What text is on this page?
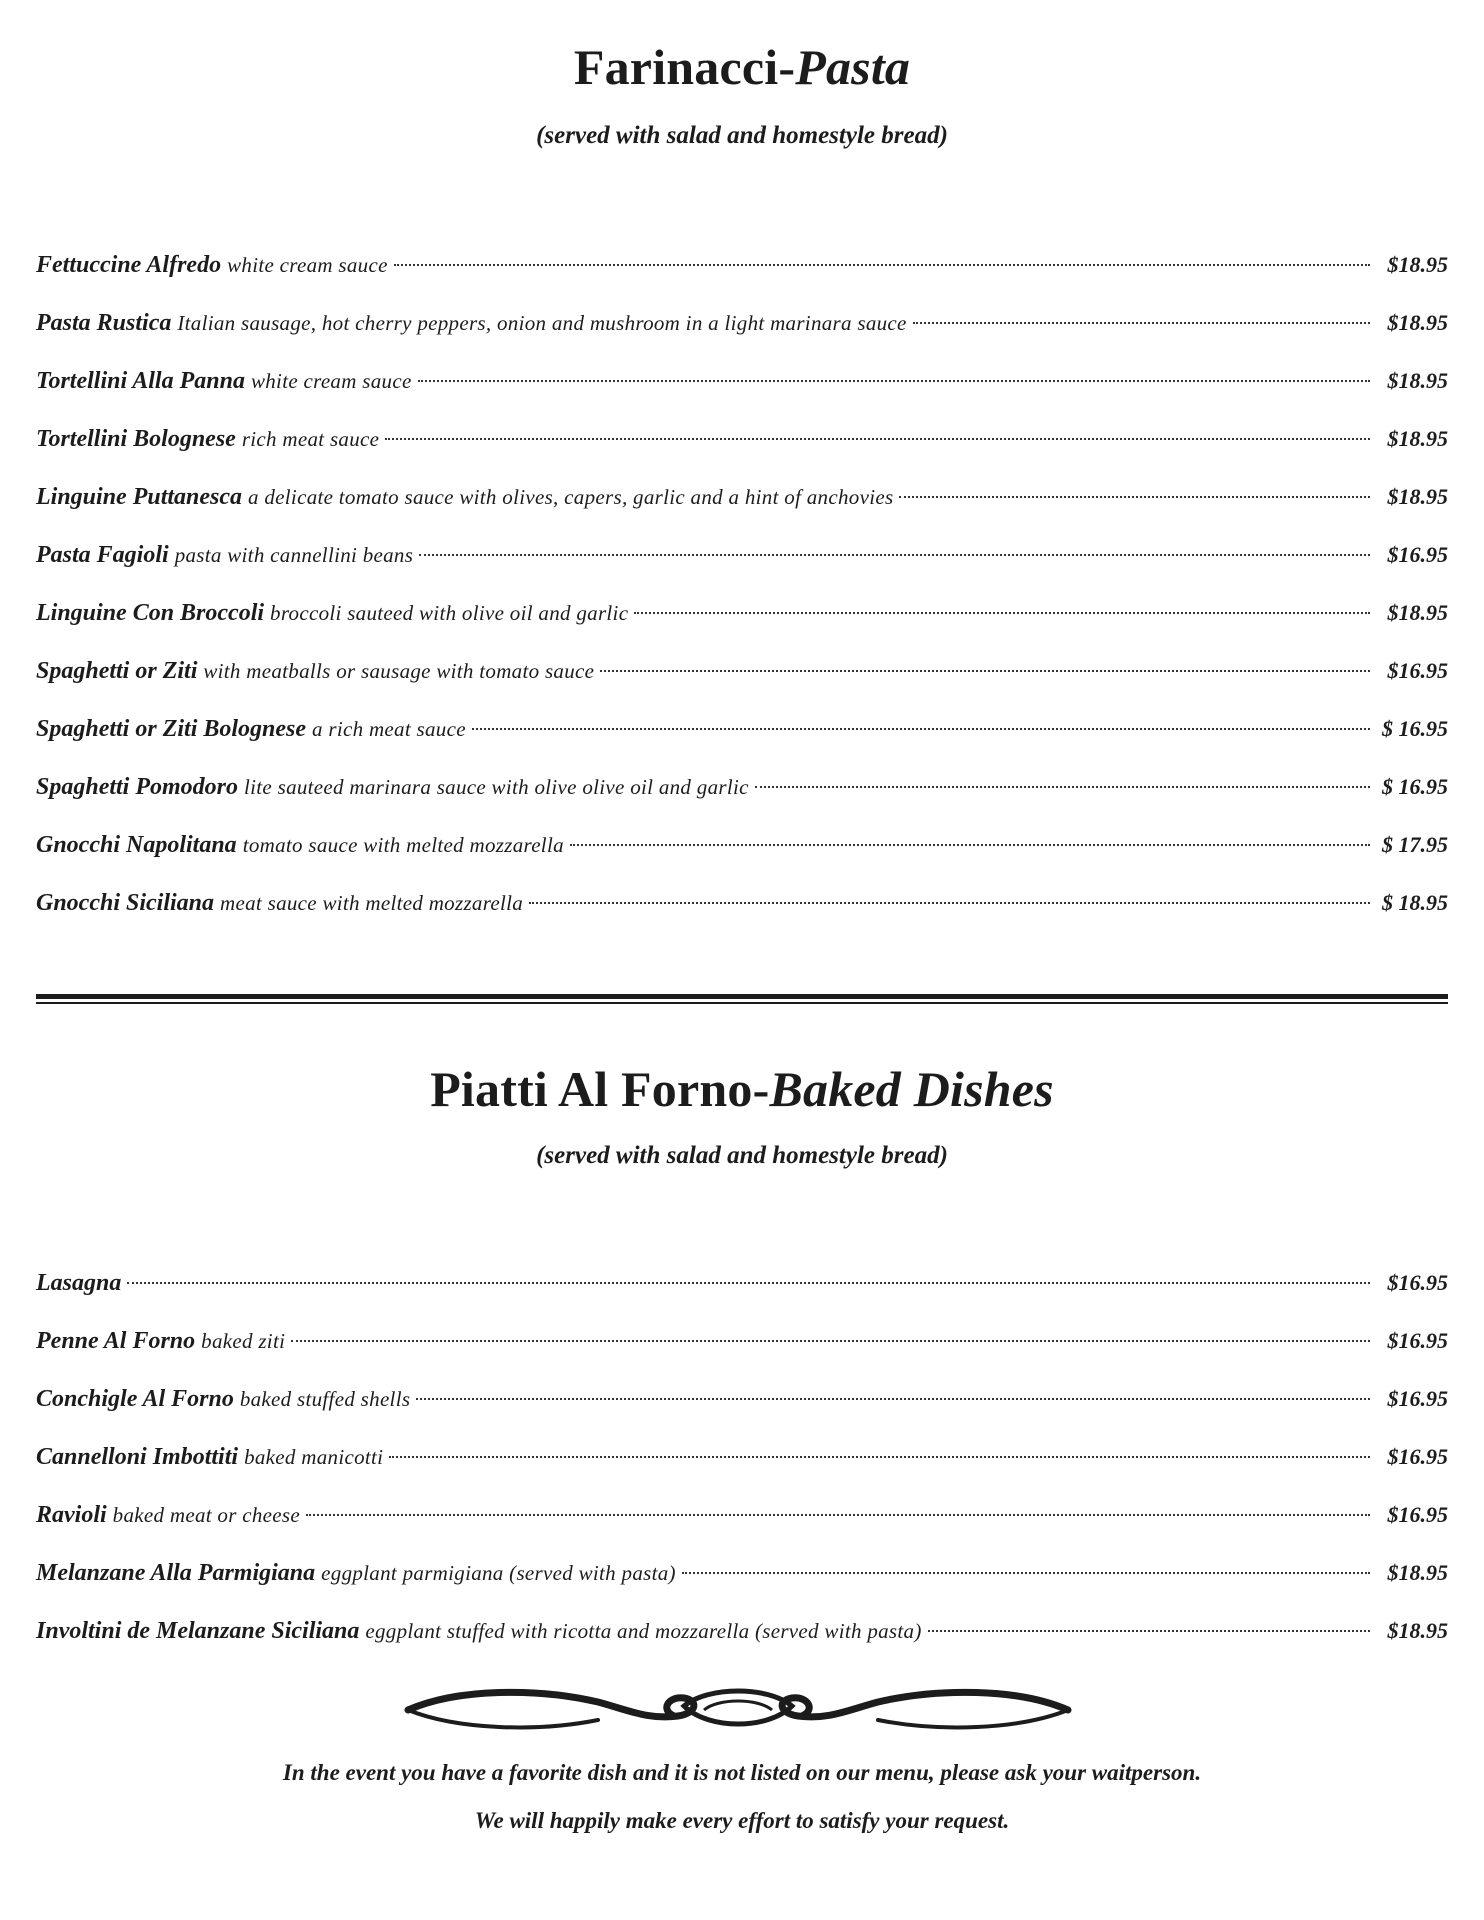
Farinacci-Pasta

(served with salad and homestyle bread)

Fettuccine Alfredo white cream sauce	$18.95
Pasta Rustica Italian sausage, hot cherry peppers, onion and mushroom in a light marinara sauce	$18.95
Tortellini Alla Panna white cream sauce	$18.95
Tortellini Bolognese rich meat sauce	$18.95
Linguine Puttanesca a delicate tomato sauce with olives, capers, garlic and a hint of anchovies	$18.95
Pasta Fagioli pasta with cannellini beans	$16.95
Linguine Con Broccoli broccoli sauteed with olive oil and garlic	$18.95
Spaghetti or Ziti with meatballs or sausage with tomato sauce	$16.95
Spaghetti or Ziti Bolognese a rich meat sauce	$ 16.95
Spaghetti Pomodoro lite sauteed marinara sauce with olive olive oil and garlic	$ 16.95
Gnocchi Napolitana tomato sauce with melted mozzarella	$ 17.95
Gnocchi Siciliana meat sauce with melted mozzarella	$ 18.95
Piatti Al Forno-Baked Dishes

(served with salad and homestyle bread)

Lasagna	$16.95
Penne Al Forno baked ziti	$16.95
Conchigle Al Forno baked stuffed shells	$16.95
Cannelloni Imbottiti baked manicotti	$16.95
Ravioli baked meat or cheese	$16.95
Melanzane Alla Parmigiana eggplant parmigiana (served with pasta)	$18.95
Involtini de Melanzane Siciliana eggplant stuffed with ricotta and mozzarella (served with pasta)	$18.95

In the event you have a favorite dish and it is not listed on our menu, please ask your waitperson.

We will happily make every effort to satisfy your request.
